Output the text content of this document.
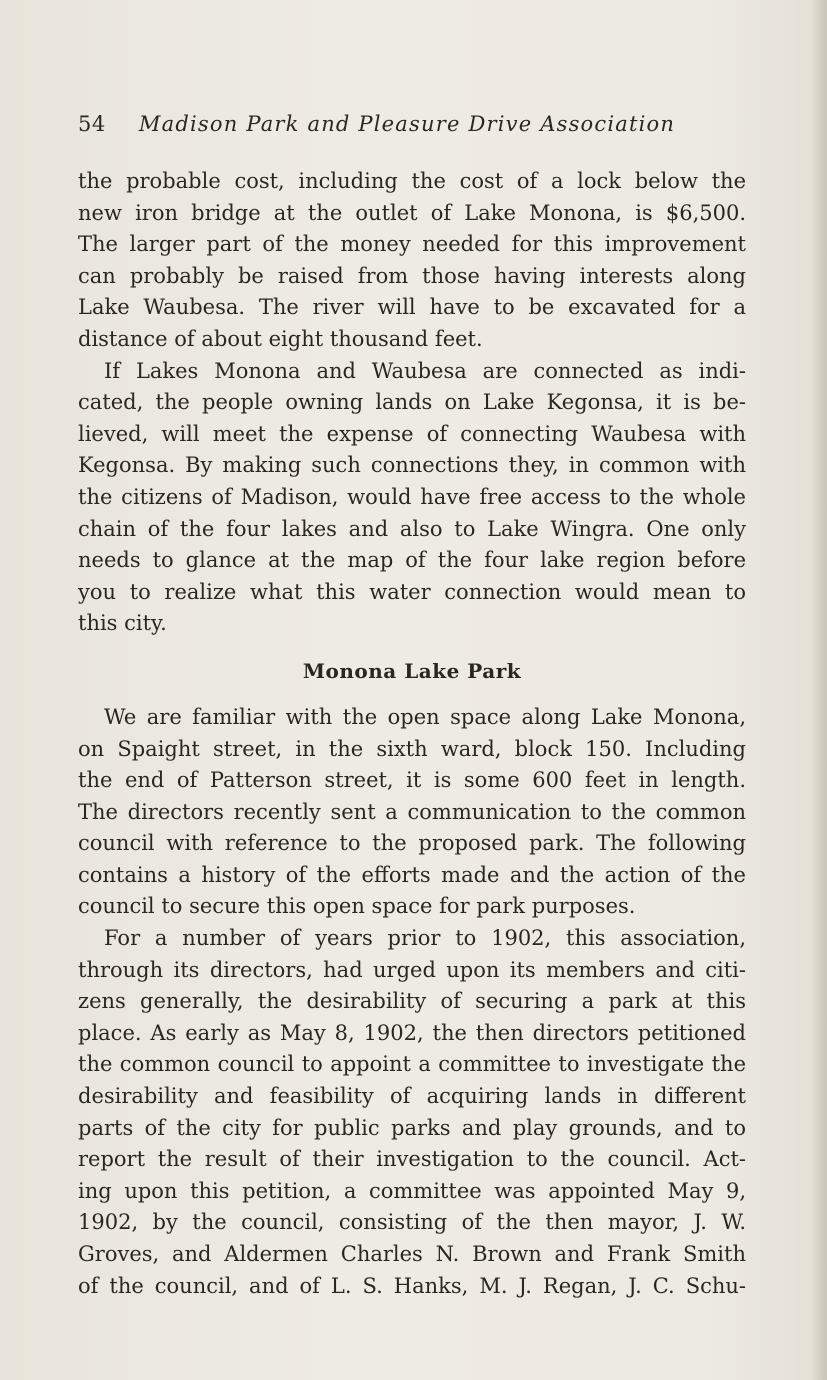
54 Madison Park and Pleasure Drive Association
the probable cost, including the cost of a lock below the
new iron bridge at the outlet of Lake Monona, is $6,500.
The larger part of the money needed for this improvement
can probably be raised from those having interests along
Lake Waubesa. The river will have to be excavated for a
distance of about eight thousand feet.
If Lakes Monona and Waubesa are connected as indi-
cated, the people owning lands on Lake Kegonsa, it is be-
lieved, will meet the expense of connecting Waubesa with
Kegonsa. By making such connections they, in common with
the citizens of Madison, would have free access to the whole
chain of the four lakes and also to Lake Wingra. One only
needs to glance at the map of the four lake region before
you to realize what this water connection would mean to
this city.
Monona Lake Park
We are familiar with the open space along Lake Monona,
on Spaight street, in the sixth ward, block 150. Including
the end of Patterson street, it is some 600 feet in length.
The directors recently sent a communication to the common
council with reference to the proposed park. The following
contains a history of the efforts made and the action of the
council to secure this open space for park purposes.
For a number of years prior to 1902, this association,
through its directors, had urged upon its members and citi-
zens generally, the desirability of securing a park at this
place. As early as May 8, 1902, the then directors petitioned
the common council to appoint a committee to investigate the
desirability and feasibility of acquiring lands in different
parts of the city for public parks and play grounds, and to
report the result of their investigation to the council. Act-
ing upon this petition, a committee was appointed May 9,
1902, by the council, consisting of the then mayor, J. W.
Groves, and Aldermen Charles N. Brown and Frank Smith
of the council, and of L. S. Hanks, M. J. Regan, J. C. Schu-
